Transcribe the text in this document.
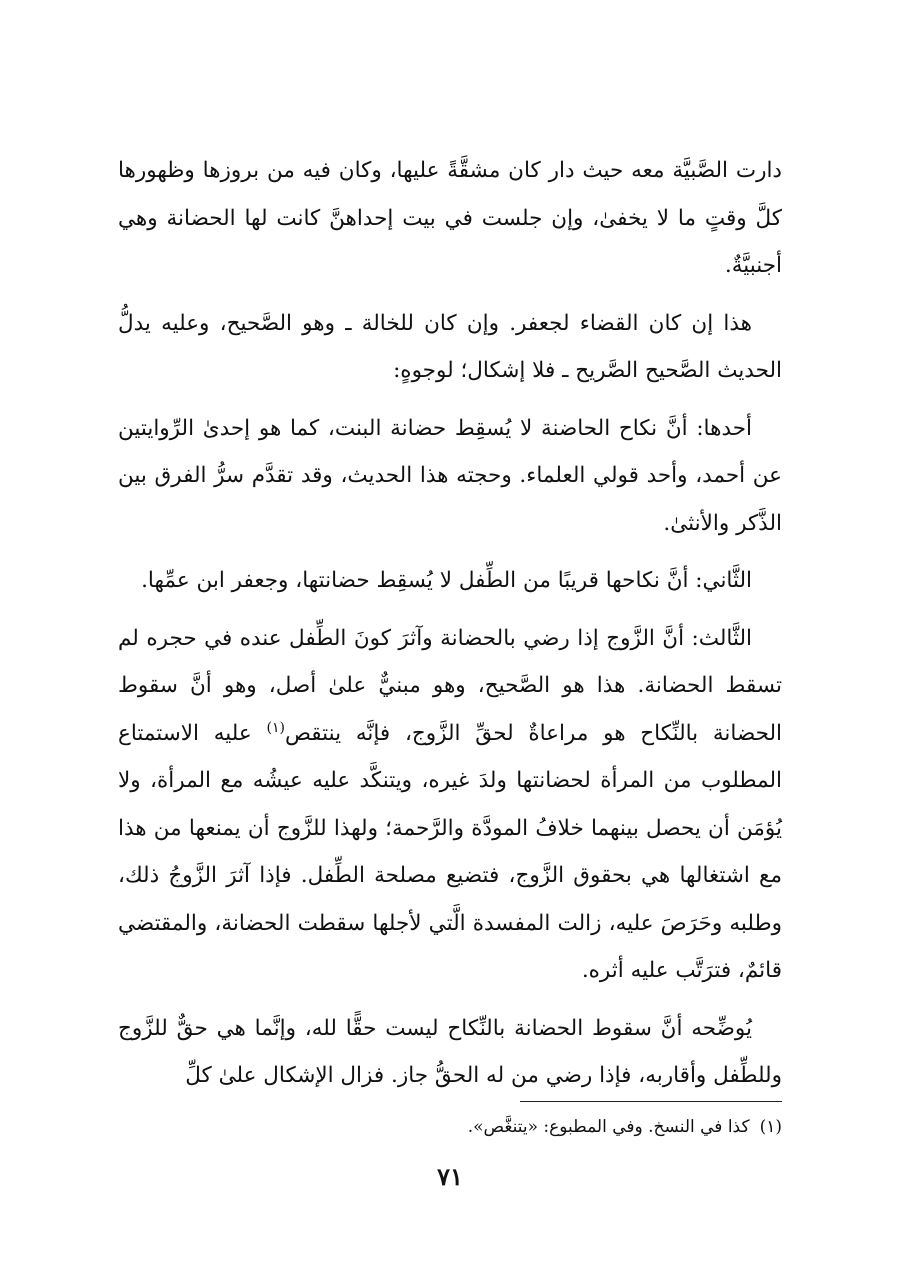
دارت الصَّبيَّة معه حيث دار كان مشقَّةً عليها، وكان فيه من بروزها وظهورها كلَّ وقتٍ ما لا يخفىٰ، وإن جلست في بيت إحداهنَّ كانت لها الحضانة وهي أجنبيَّةٌ.

هذا إن كان القضاء لجعفر. وإن كان للخالة ـ وهو الصَّحيح، وعليه يدلُّ الحديث الصَّحيح الصَّريح ـ فلا إشكال؛ لوجوهٍ:

أحدها: أنَّ نكاح الحاضنة لا يُسقِط حضانة البنت، كما هو إحدىٰ الرِّوايتين عن أحمد، وأحد قولي العلماء. وحجته هذا الحديث، وقد تقدَّم سرُّ الفرق بين الذَّكر والأنثىٰ.

الثَّاني: أنَّ نكاحها قريبًا من الطِّفل لا يُسقِط حضانتها، وجعفر ابن عمِّها.

الثَّالث: أنَّ الزَّوج إذا رضي بالحضانة وآثرَ كونَ الطِّفل عنده في حجره لم تسقط الحضانة. هذا هو الصَّحيح، وهو مبنيٌّ علىٰ أصل، وهو أنَّ سقوط الحضانة بالنِّكاح هو مراعاةٌ لحقِّ الزَّوج، فإنَّه ينتقص$^{(١)}$ عليه الاستمتاع المطلوب من المرأة لحضانتها ولدَ غيره، ويتنكَّد عليه عيشُه مع المرأة، ولا يُؤمَن أن يحصل بينهما خلافُ المودَّة والرَّحمة؛ ولهذا للزَّوج أن يمنعها من هذا مع اشتغالها هي بحقوق الزَّوج، فتضيع مصلحة الطِّفل. فإذا آثرَ الزَّوجُ ذلك، وطلبه وحَرَصَ عليه، زالت المفسدة الَّتي لأجلها سقطت الحضانة، والمقتضي قائمٌ، فترَتَّب عليه أثره.

يُوضِّحه أنَّ سقوط الحضانة بالنِّكاح ليست حقًّا لله، وإنَّما هي حقٌّ للزَّوج وللطِّفل وأقاربه، فإذا رضي من له الحقُّ جاز. فزال الإشكال علىٰ كلِّ

(١)كذا في النسخ. وفي المطبوع: «يتنغَّص».
٧١
